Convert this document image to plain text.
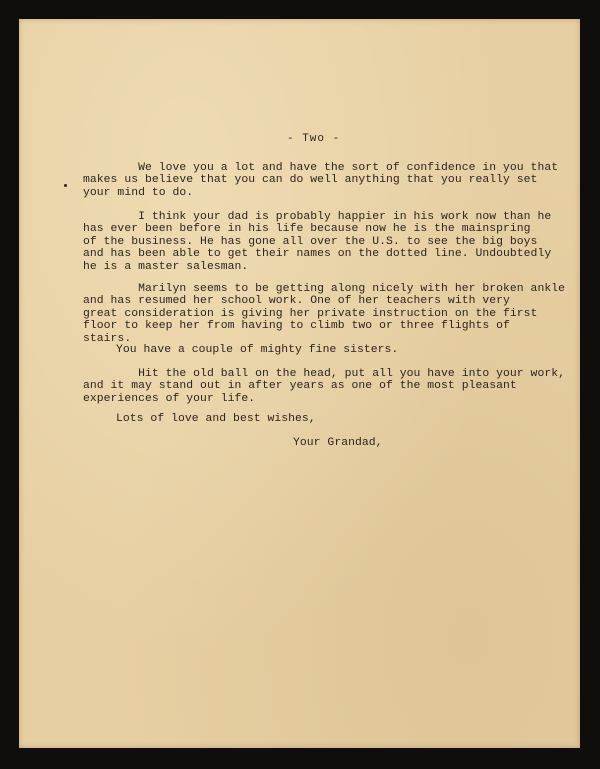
- Two -
We love you a lot and have the sort of confidence in you that
makes us believe that you can do well anything that you really set
your mind to do.
I think your dad is probably happier in his work now than he
has ever been before in his life because now he is the mainspring
of the business. He has gone all over the U.S. to see the big boys
and has been able to get their names on the dotted line. Undoubtedly
he is a master salesman.
Marilyn seems to be getting along nicely with her broken ankle
and has resumed her school work. One of her teachers with very
great consideration is giving her private instruction on the first
floor to keep her from having to climb two or three flights of
stairs.
You have a couple of mighty fine sisters.
Hit the old ball on the head, put all you have into your work,
and it may stand out in after years as one of the most pleasant
experiences of your life.
Lots of love and best wishes,
Your Grandad,
